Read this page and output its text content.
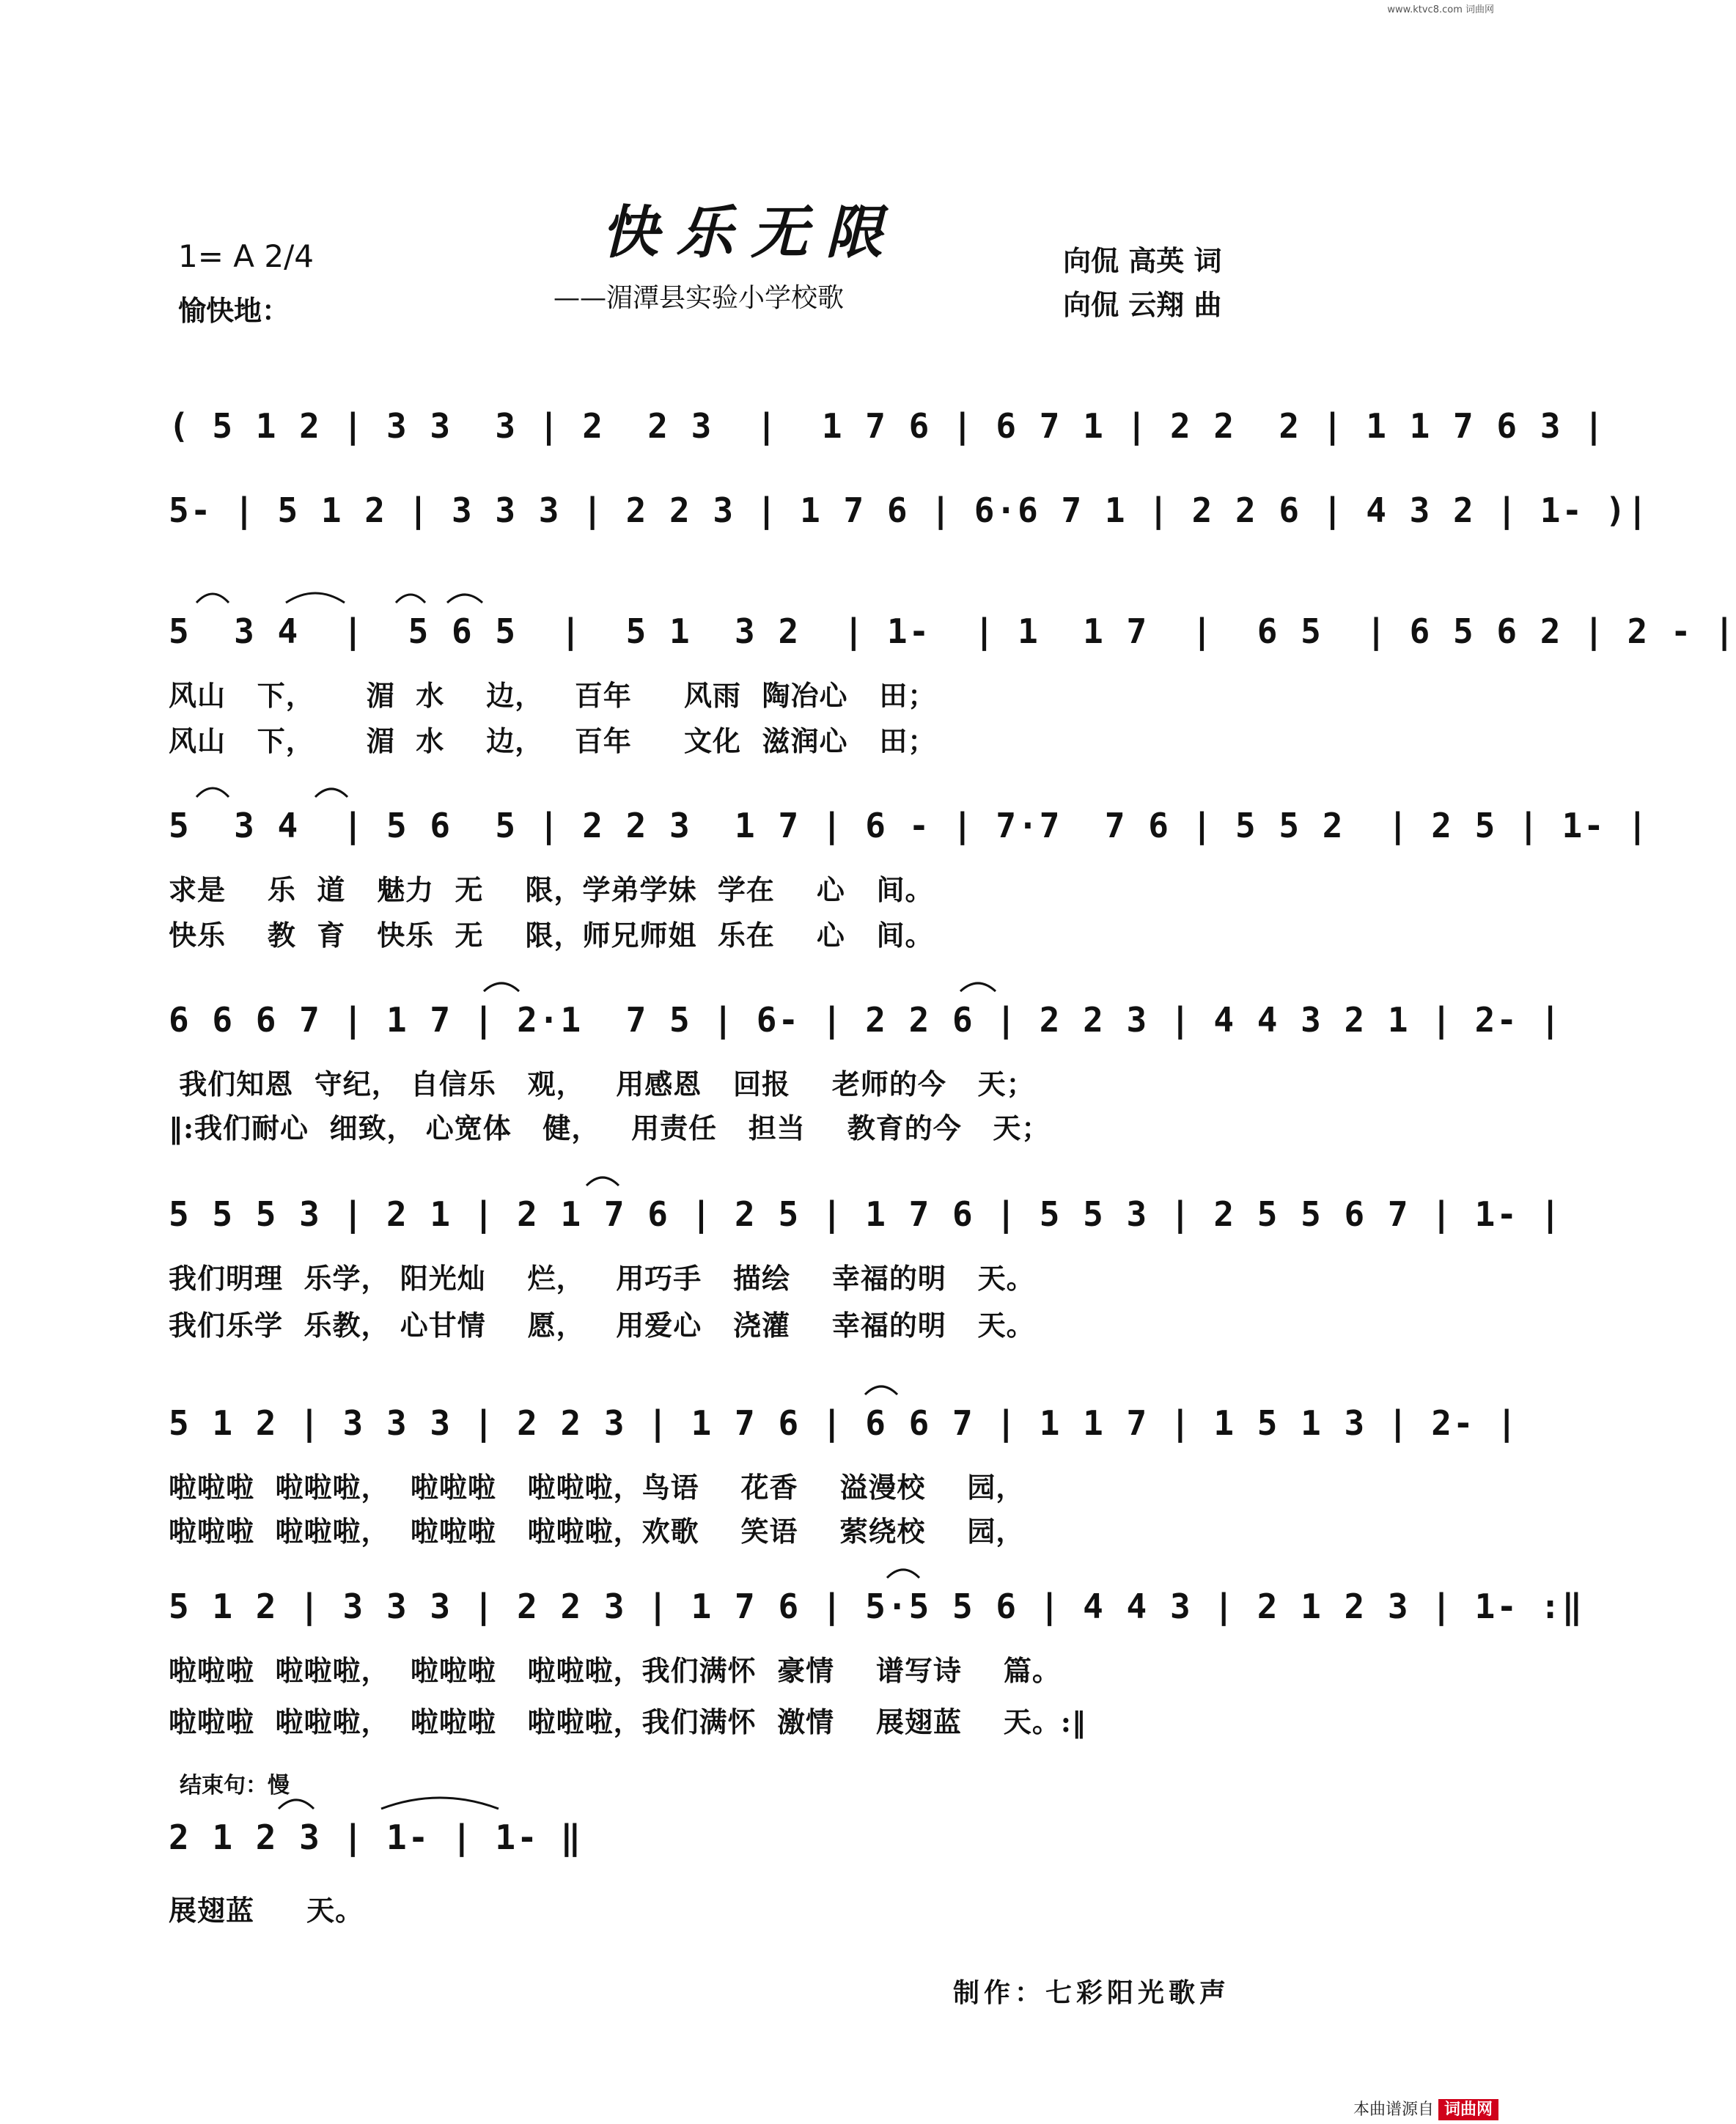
www.ktvc8.com 词曲网
快乐无限
——湄潭县实验小学校歌
1= A 2/4
愉快地：
向侃 高英 词
向侃 云翔 曲
( 5 1 2 | 3 3  3 | 2  2 3  |  1 7 6 | 6 7 1 | 2 2  2 | 1 1 7 6 3 |
5- | 5 1 2 | 3 3 3 | 2 2 3 | 1 7 6 | 6·6 7 1 | 2 2 6 | 4 3 2 | 1- )|
5  3 4  |  5 6 5  |  5 1  3 2  | 1-  | 1  1 7  |  6 5  | 6 5 6 2 | 2 - |
风山   下，     湄  水    边，   百年     风雨  陶冶心   田；
风山   下，     湄  水    边，   百年     文化  滋润心   田；
5  3 4  | 5 6  5 | 2 2 3  1 7 | 6 - | 7·7  7 6 | 5 5 2  | 2 5 | 1- |
求是    乐  道   魅力  无    限，学弟学妹  学在    心   间。
快乐    教  育   快乐  无    限，师兄师姐  乐在    心   间。
6 6 6 7 | 1 7 | 2·1  7 5 | 6- | 2 2 6 | 2 2 3 | 4 4 3 2 1 | 2- |
我们知恩  守纪， 自信乐   观，   用感恩   回报    老师的今   天；
‖:我们耐心  细致， 心宽体   健，   用责任   担当    教育的今   天；
5 5 5 3 | 2 1 | 2 1 7 6 | 2 5 | 1 7 6 | 5 5 3 | 2 5 5 6 7 | 1- |
我们明理  乐学， 阳光灿    烂，   用巧手   描绘    幸福的明   天。
我们乐学  乐教， 心甘情    愿，   用爱心   浇灌    幸福的明   天。
5 1 2 | 3 3 3 | 2 2 3 | 1 7 6 | 6 6 7 | 1 1 7 | 1 5 1 3 | 2- |
啦啦啦  啦啦啦，  啦啦啦   啦啦啦，鸟语    花香    溢漫校    园，
啦啦啦  啦啦啦，  啦啦啦   啦啦啦，欢歌    笑语    萦绕校    园，
5 1 2 | 3 3 3 | 2 2 3 | 1 7 6 | 5·5 5 6 | 4 4 3 | 2 1 2 3 | 1- :‖
啦啦啦  啦啦啦，  啦啦啦   啦啦啦，我们满怀  豪情    谱写诗    篇。
啦啦啦  啦啦啦，  啦啦啦   啦啦啦，我们满怀  激情    展翅蓝    天。:‖
结束句：慢
2 1 2 3 | 1- | 1- ‖
展翅蓝     天。
制作：七彩阳光歌声
本曲谱源自 词曲网
